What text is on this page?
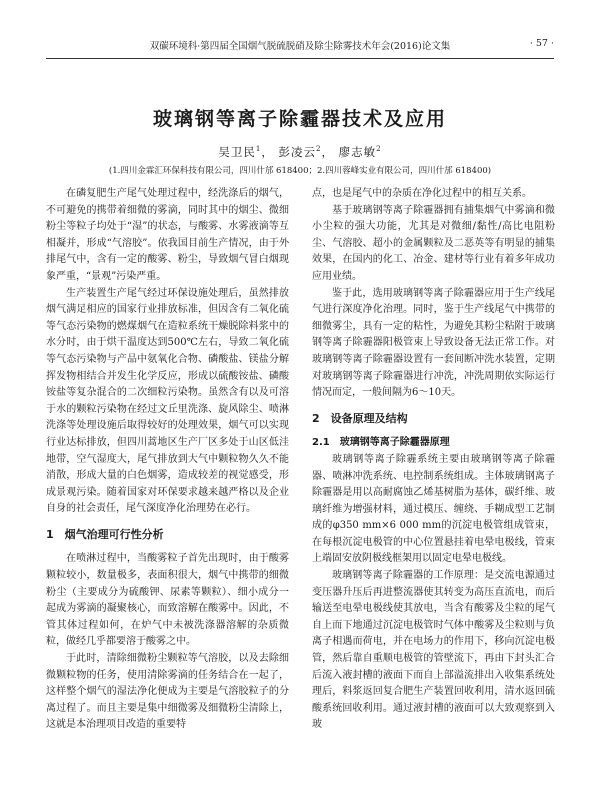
双碳环境科·第四届全国烟气脱硫脱硝及除尘除雾技术年会(2016)论文集	· 57 ·
玻璃钢等离子除霾器技术及应用
吴卫民$^1$， 彭凌云$^2$， 廖志敏$^2$
(1.四川金霖汇环保科技有限公司，四川什邡 618400；2.四川蓉峰实业有限公司，四川什邡 618400)

在磷复肥生产尾气处理过程中，经洗涤后的烟气，不可避免的携带着细微的雾滴，同时其中的烟尘、微细粉尘等粒子均处于“湿”的状态，与酸雾、水雾液滴等互相凝并，形成“气溶胶”。依我国目前生产情况，由于外排尾气中，含有一定的酸雾、粉尘，导致烟气冒白烟现象严重，“景观”污染严重。

生产装置生产尾气经过环保设施处理后，虽然排放烟气满足相应的国家行业排放标准，但因含有二氧化硫等气态污染物的燃煤烟气在造粒系统干燥脱除料浆中的水分时，由于烘干温度达到500℃左右，导致二氧化硫等气态污染物与产品中氨氧化合物、磷酸盐、镁盐分解挥发物相结合并发生化学反应，形成以硫酸铵盐、磷酸铵盐等复杂混合的二次细粒污染物。虽然含有以及可溶于水的颗粒污染物在经过文丘里洗涤、旋风除尘、喷淋洗涤等处理设施后取得较好的处理效果，烟气可以实现行业达标排放，但四川蒿地区生产厂区多处于山区低洼地带，空气湿度大，尾气排放到大气中颗粒物久久不能消散，形成大量的白色烟雾，造成较差的视觉感受，形成景观污染。随着国家对环保要求越来越严格以及企业自身的社会责任，尾气深度净化治理势在必行。

1　烟气治理可行性分析

在喷淋过程中，当酸雾粒子首先出现时，由于酸雾颗粒较小，数量极多，表面积很大，烟气中携带的细微粉尘（主要成分为硫酸钾、尿素等颗粒）、细小成分一起成为雾滴的凝聚核心，而致溶解在酸雾中。因此，不管其体过程如何，在炉气中未被洗涤器溶解的杂质微粒，做经几乎都要溶于酸雾之中。

于此时，清除细微粉尘颗粒等气溶胶，以及去除细微颗粒物的任务，使用清除雾滴的任务结合在一起了，这样整个烟气的湿法净化便成为主要是气溶胶粒子的分离过程了。而且主要是集中细微雾及细微粉尘清除上，这就是本治理项目改造的重要特

点，也是尾气中的杂质在净化过程中的相互关系。

基于玻璃钢等离子除霾器拥有捕集烟气中雾滴和微小尘粒的强大功能，尤其是对微细/黏性/高比电阻粉尘、气溶胶、超小的金属颗粒及二恶英等有明显的捕集效果，在国内的化工、冶金、建材等行业有着多年成功应用业绩。

鉴于此，选用玻璃钢等离子除霾器应用于生产线尾气进行深度净化治理。同时，鉴于生产线尾气中携带的细微雾尘，具有一定的粘性，为避免其粉尘粘附于玻璃钢等离子除霾器阳极管束上导致设备无法正常工作。对玻璃钢等离子除霾器设置有一套间断冲洗水装置，定期对玻璃钢等离子除霾器进行冲洗，冲洗周期依实际运行情况而定，一般间隔为6～10天。

2　设备原理及结构
2.1　玻璃钢等离子除霾器原理

玻璃钢等离子除霾系统主要由玻璃钢等离子除霾器、喷淋冲洗系统、电控制系统组成。主体玻璃钢离子除霾器是用以高耐腐蚀乙烯基树脂为基体，碳纤维、玻璃纤维为增强材料，通过模压、缠绕、手糊成型工艺制成的φ350 mm×6 000 mm的沉淀电极管组成管束，在每根沉淀电极管的中心位置悬挂着电晕电极线，管束上端固安放阴极线框架用以固定电晕电极线。

玻璃钢等离子除霾器的工作原理：是交流电源通过变压器升压后再进整流器使其转变为高压直流电，而后输送至电晕电极线使其放电，当含有酸雾及尘粒的尾气自上而下地通过沉淀电极管时气体中酸雾及尘粒则与负离子相遇而荷电，并在电场力的作用下，移向沉淀电极管，然后靠自重顺电极管的管壁流下，再由下封头汇合后流入液封槽的液面下而自上部溢流排出入收集系统处理后，料浆返回复合肥生产装置回收利用，清水返回硫酸系统回收利用。通过液封槽的液面可以大致观察到入玻
